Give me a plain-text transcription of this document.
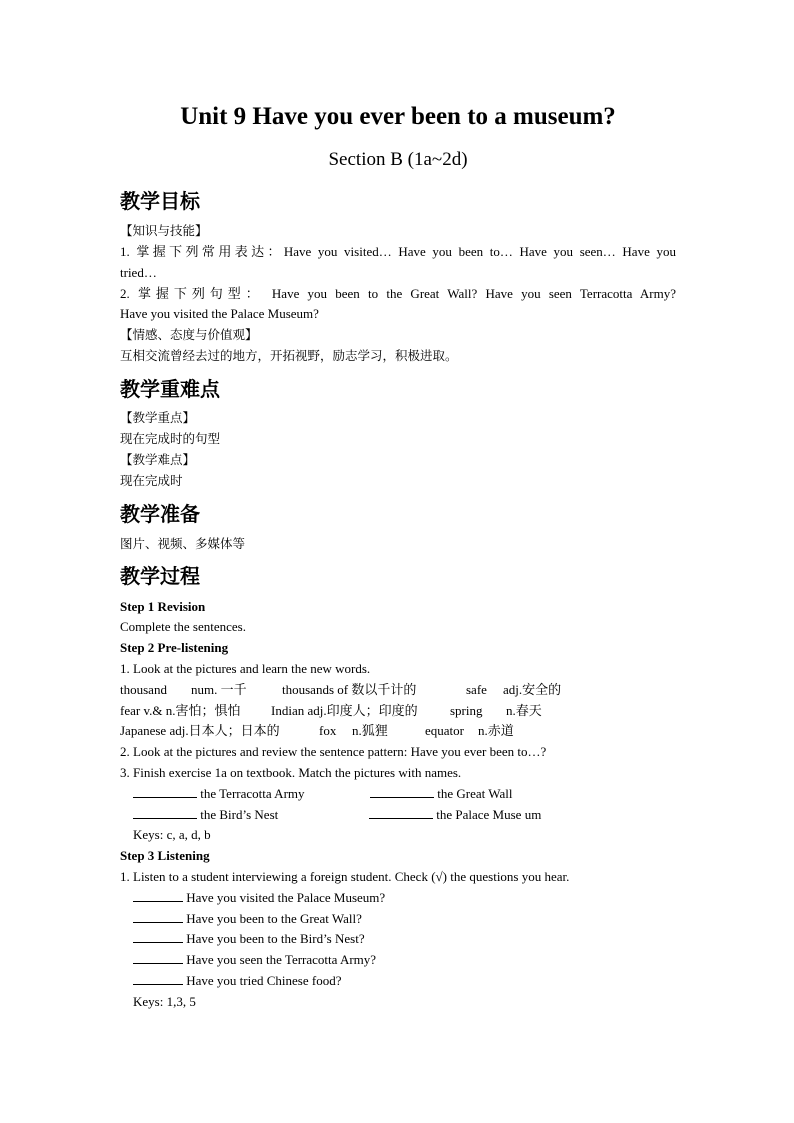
Unit 9 Have you ever been to a museum?
Section B (1a~2d)
教学目标
【知识与技能】
1. 掌握下列常用表达：Have you visited… Have you been to… Have you seen… Have you
tried…
2. 掌握下列句型： Have you been to the Great Wall? Have you seen Terracotta Army?
Have you visited the Palace Museum?
【情感、态度与价值观】
互相交流曾经去过的地方，开拓视野，励志学习，积极进取。
教学重难点
【教学重点】
现在完成时的句型
【教学难点】
现在完成时
教学准备
图片、视频、多媒体等
教学过程
Step 1 Revision
Complete the sentences.
Step 2 Pre-listening
1. Look at the pictures and learn the new words.
thousand num. 一千	thousands of 数以千计的	safe adj.安全的
fear v.& n.害怕；惧怕 Indian adj.印度人；印度的 spring n.春天
Japanese adj.日本人；日本的	fox n.狐狸	equator n.赤道
2. Look at the pictures and review the sentence pattern: Have you ever been to…?
3. Finish exercise 1a on textbook. Match the pictures with names.
the Terracotta Army	the Great Wall
the Bird’s Nest	the Palace Muse um
Keys: c, a, d, b
Step 3 Listening
1. Listen to a student interviewing a foreign student. Check (√) the questions you hear.
Have you visited the Palace Museum?
Have you been to the Great Wall?
Have you been to the Bird’s Nest?
Have you seen the Terracotta Army?
Have you tried Chinese food?
Keys: 1,3, 5
